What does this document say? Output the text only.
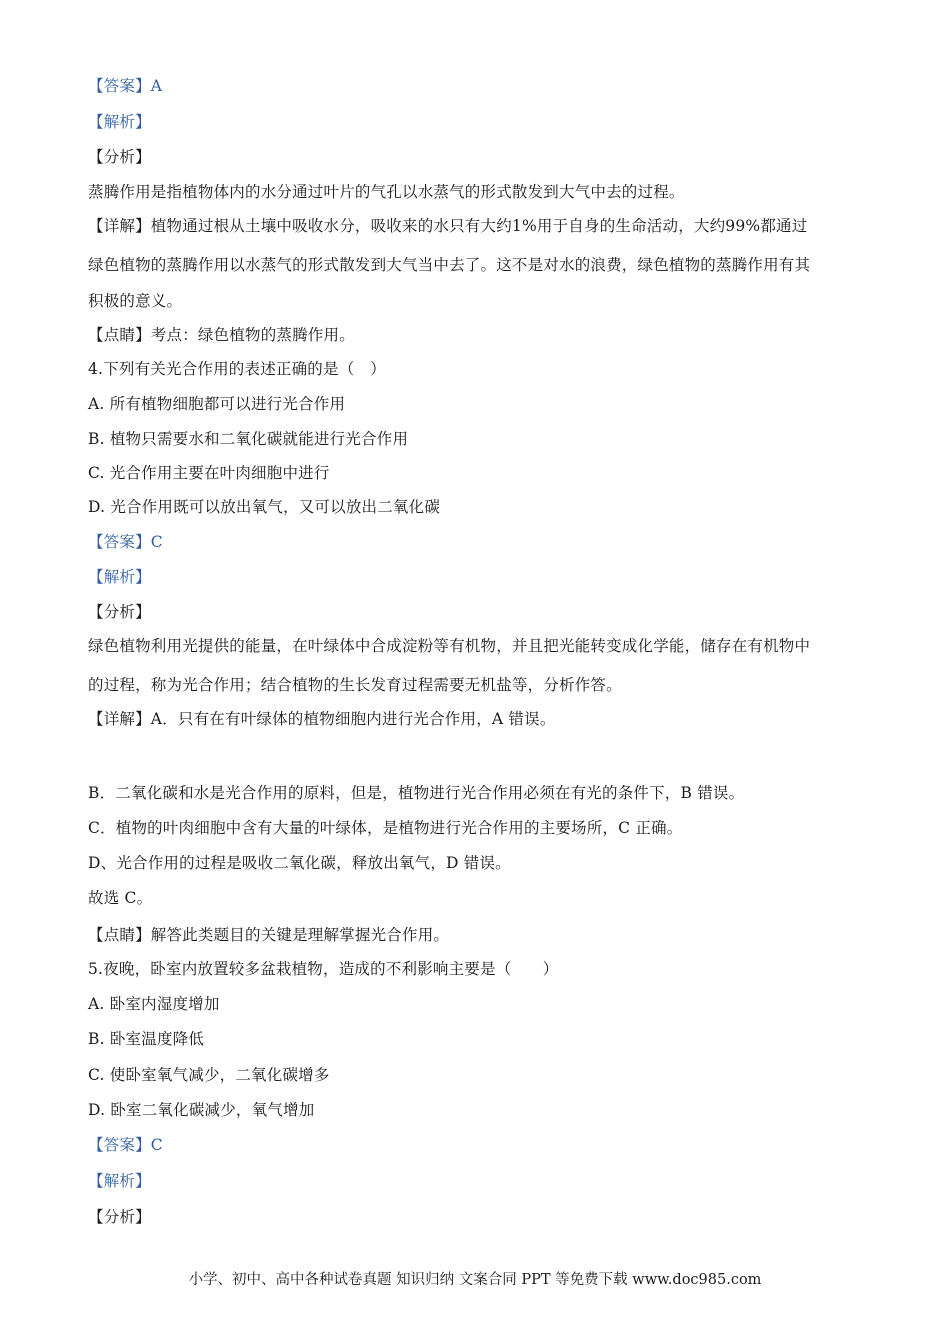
【答案】A
【解析】
【分析】
蒸腾作用是指植物体内的水分通过叶片的气孔以水蒸气的形式散发到大气中去的过程。
【详解】植物通过根从土壤中吸收水分，吸收来的水只有大约1%用于自身的生命活动，大约99%都通过
绿色植物的蒸腾作用以水蒸气的形式散发到大气当中去了。这不是对水的浪费，绿色植物的蒸腾作用有其
积极的意义。
【点睛】考点：绿色植物的蒸腾作用。
4.下列有关光合作用的表述正确的是（　）
A. 所有植物细胞都可以进行光合作用
B. 植物只需要水和二氧化碳就能进行光合作用
C. 光合作用主要在叶肉细胞中进行
D. 光合作用既可以放出氧气，又可以放出二氧化碳
【答案】C
【解析】
【分析】
绿色植物利用光提供的能量，在叶绿体中合成淀粉等有机物，并且把光能转变成化学能，储存在有机物中
的过程，称为光合作用；结合植物的生长发育过程需要无机盐等，分析作答。
【详解】A．只有在有叶绿体的植物细胞内进行光合作用，A 错误。
B．二氧化碳和水是光合作用的原料，但是，植物进行光合作用必须在有光的条件下，B 错误。
C．植物的叶肉细胞中含有大量的叶绿体，是植物进行光合作用的主要场所，C 正确。
D、光合作用的过程是吸收二氧化碳，释放出氧气，D 错误。
故选 C。
【点睛】解答此类题目的关键是理解掌握光合作用。
5.夜晚，卧室内放置较多盆栽植物，造成的不利影响主要是（　　）
A. 卧室内湿度增加
B. 卧室温度降低
C. 使卧室氧气减少，二氧化碳增多
D. 卧室二氧化碳减少，氧气增加
【答案】C
【解析】
【分析】
小学、初中、高中各种试卷真题 知识归纳 文案合同 PPT 等免费下载 www.doc985.com
